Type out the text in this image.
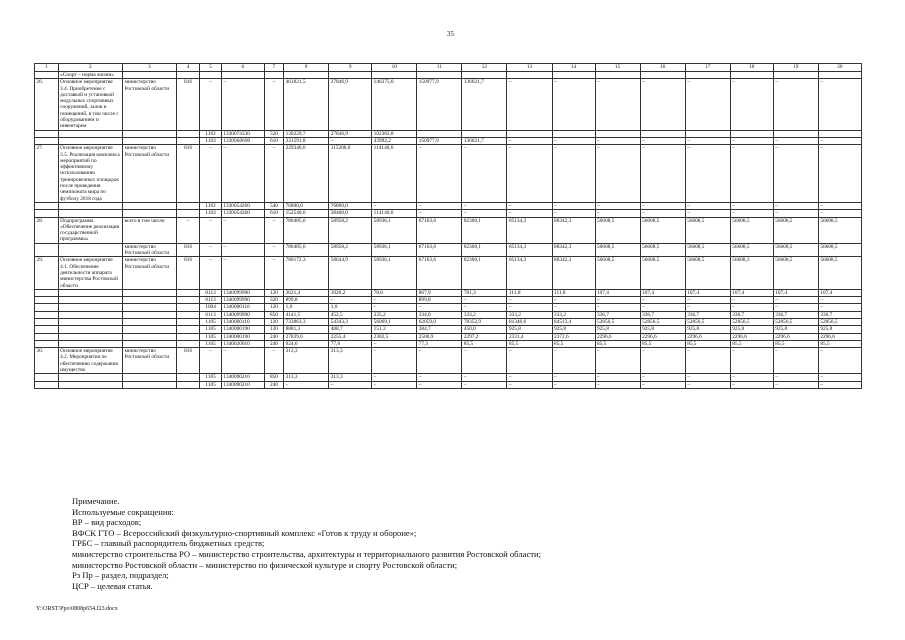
35
1	2	3	4	5	6	7	8	9	10	11	12	13	14	15	16	17	18	19	20
	«Спорт – норма жизни»																		
26.	Основное мероприятие 3.4. Приобретение с доставкой и установкой модульных спортивных сооружений, залов и помещений, в том числе с оборудованием и инвентарем	министерство Ростовской области	816	–	–	–	461821,5	27846,9	146375,0	150977,9	136621,7	–	–	–	–	–	–	–	–
				1102	1330074330	520	130229,7	27846,9	102382,8										
				1103	13300S0690	610	331591,8	–	43992,2	150977,9	136621,7	–	–	–	–	–	–	–	–
27.	Основное мероприятие 3.5. Реализация комплекса мероприятий по эффективному использованию тренировочных площадок после проведения чемпионата мира по футболу 2018 года	министерство Ростовской области	816	–	–	–	229340,6	115200,0	114140,6	–	–	–	–	–	–	–	–	–	–
				1102	1330054260	540	76800,0	76800,0	–	–	–	–	–	–	–	–	–	–	–
				1103	1330054260	610	152540,6	38400,0	114140,6	–	–	–	–	–	–	–	–	–	–
28.	Подпрограмма «Обеспечение реализации государственной программы»	всего в том числе:	–	–	–	–	780485,6	58958,2	58936,1	67163,6	82300,1	85134,3	88342,3	56608,5	56608,5	56608,5	56608,5	56608,5	56608,5
		министерство Ростовской области	816	–	–	–	780485,6	58958,2	58936,1	67163,6	82300,1	85134,3	88342,3	56608,5	56608,5	56608,5	56608,5	56608,5	56608,5
29.	Основное мероприятие 4.1. Обеспечение деятельности аппарата министерства Ростовской области	министерство Ростовской области	816	–	–	–	780172,3	58644,9	58936,1	67163,6	82300,1	85134,3	88342,3	56608,5	56608,5	56608,5	56608,3	56608,5	56608,5
				0113	1340099990	120	3621,4	1026,2	78,0	867,9	781,3	111,8	111,8	107,4	107,4	107,4	107,4	107,4	107,4
				0113	1340099990	320	899,8	–	–	899,8	–	–	–	–	–	–	–	–	–
				1004	1340000110	120	1,0	1,0	–	–	–	–	–	–	–	–	–	–	–
				0113	1340099990	850	4141,5	452,5	335,2	334,0	333,2	333,2	333,2	336,7	336,7	336,7	336,7	336,7	336,7
				1105	1340000110	120	733863,3	54343,3	56069,1	62059,0	78352,9	81346,6	84513,4	52856,5	52856,5	52856,5	52856,5	52856,5	52856,5
				1105	1340000190	120	8881,3	488,7	151,3	384,7	450,0	925,8	925,8	925,8	925,8	925,8	925,8	925,8	925,8
				1105	1340000190	240	27839,6	2255,4	2302,5	2500,9	2297,2	2331,4	2372,6	2296,6	2296,6	2296,6	2296,6	2296,6	2296,6
				1105	1340020010	240	924,6	77,8	–	77,3	85,5	85,5	85,5	85,5	85,5	85,5	85,5	85,5	85,5
30.	Основное мероприятие 4.2. Мероприятия по обеспечению содержания имущества	министерство Ростовской области	816	–	–	–	313,3	313,3	–	–	–	–	–	–	–	–	–	–	–
				1105	1340090210	850	313,3	313,3	–	–	–	–	–	–	–	–	–	–	–
				1105	1340090210	240	–	–	–	–	–	–	–	–	–	–	–	–	–
Примечание.
Используемые сокращения:
ВР – вид расходов;
ВФСК ГТО – Всероссийский физкультурно-спортивный комплекс «Готов к труду и обороне»;
ГРБС – главный распорядитель бюджетных средств;
министерство строительства РО – министерство строительства, архитектуры и территориального развития Ростовской области;
министерство Ростовской области – министерство по физической культуре и спорту Ростовской области;
Рз Пр – раздел, подраздел;
ЦСР – целевая статья.
Y:\ORST\Ppo\0808p654.f23.docx
